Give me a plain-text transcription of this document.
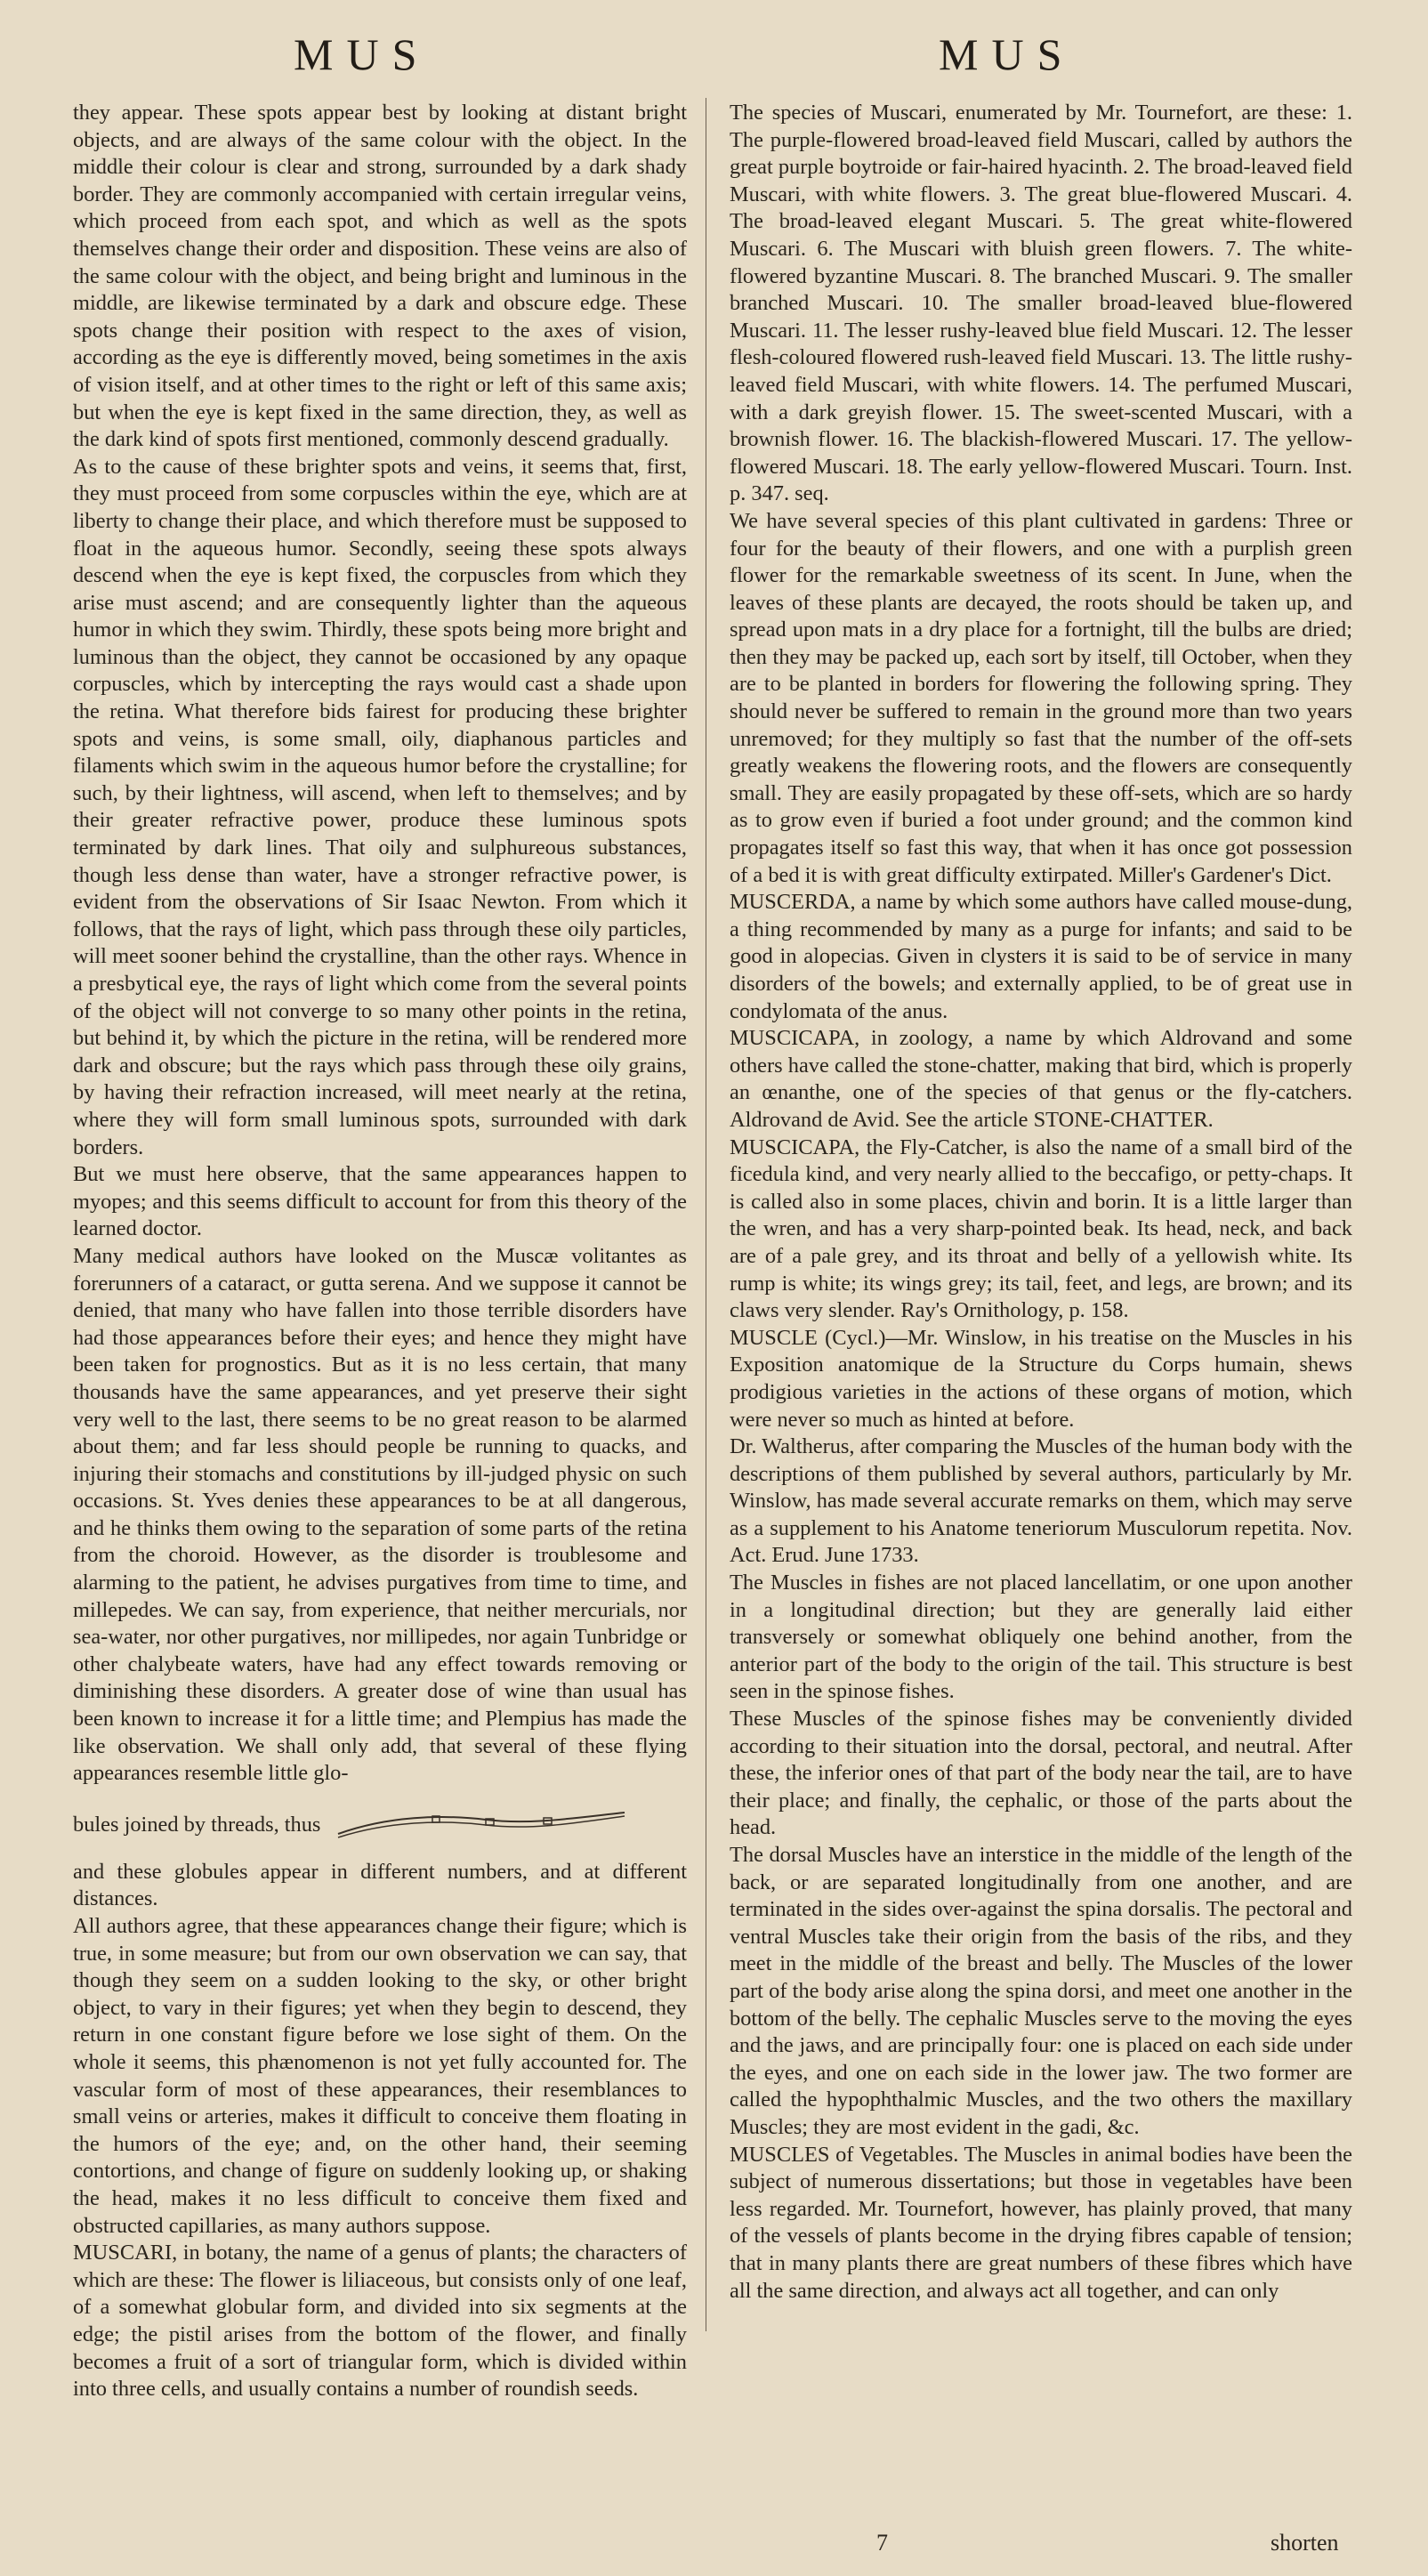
MUS	MUS

they appear. These spots appear best by looking at distant bright objects, and are always of the same colour with the object. In the middle their colour is clear and strong, surrounded by a dark shady border. They are commonly accompanied with certain irregular veins, which proceed from each spot, and which as well as the spots themselves change their order and disposition. These veins are also of the same colour with the object, and being bright and luminous in the middle, are likewise terminated by a dark and obscure edge. These spots change their position with respect to the axes of vision, according as the eye is differently moved, being sometimes in the axis of vision itself, and at other times to the right or left of this same axis; but when the eye is kept fixed in the same direction, they, as well as the dark kind of spots first mentioned, commonly descend gradually.

As to the cause of these brighter spots and veins, it seems that, first, they must proceed from some corpuscles within the eye, which are at liberty to change their place, and which therefore must be supposed to float in the aqueous humor. Secondly, seeing these spots always descend when the eye is kept fixed, the corpuscles from which they arise must ascend; and are consequently lighter than the aqueous humor in which they swim. Thirdly, these spots being more bright and luminous than the object, they cannot be occasioned by any opaque corpuscles, which by intercepting the rays would cast a shade upon the retina. What therefore bids fairest for producing these brighter spots and veins, is some small, oily, diaphanous particles and filaments which swim in the aqueous humor before the crystalline; for such, by their lightness, will ascend, when left to themselves; and by their greater refractive power, produce these luminous spots terminated by dark lines. That oily and sulphureous substances, though less dense than water, have a stronger refractive power, is evident from the observations of Sir Isaac Newton. From which it follows, that the rays of light, which pass through these oily particles, will meet sooner behind the crystalline, than the other rays. Whence in a presbytical eye, the rays of light which come from the several points of the object will not converge to so many other points in the retina, but behind it, by which the picture in the retina, will be rendered more dark and obscure; but the rays which pass through these oily grains, by having their refraction increased, will meet nearly at the retina, where they will form small luminous spots, surrounded with dark borders.

But we must here observe, that the same appearances happen to myopes; and this seems difficult to account for from this theory of the learned doctor.

Many medical authors have looked on the Muscæ volitantes as forerunners of a cataract, or gutta serena. And we suppose it cannot be denied, that many who have fallen into those terrible disorders have had those appearances before their eyes; and hence they might have been taken for prognostics. But as it is no less certain, that many thousands have the same appearances, and yet preserve their sight very well to the last, there seems to be no great reason to be alarmed about them; and far less should people be running to quacks, and injuring their stomachs and constitutions by ill-judged physic on such occasions. St. Yves denies these appearances to be at all dangerous, and he thinks them owing to the separation of some parts of the retina from the choroid. However, as the disorder is troublesome and alarming to the patient, he advises purgatives from time to time, and millepedes. We can say, from experience, that neither mercurials, nor sea-water, nor other purgatives, nor millipedes, nor again Tunbridge or other chalybeate waters, have had any effect towards removing or diminishing these disorders. A greater dose of wine than usual has been known to increase it for a little time; and Plempius has made the like observation. We shall only add, that several of these flying appearances resemble little glo-

bules joined by threads, thus

and these globules appear in different numbers, and at different distances.

All authors agree, that these appearances change their figure; which is true, in some measure; but from our own observation we can say, that though they seem on a sudden looking to the sky, or other bright object, to vary in their figures; yet when they begin to descend, they return in one constant figure before we lose sight of them. On the whole it seems, this phænomenon is not yet fully accounted for. The vascular form of most of these appearances, their resemblances to small veins or arteries, makes it difficult to conceive them floating in the humors of the eye; and, on the other hand, their seeming contortions, and change of figure on suddenly looking up, or shaking the head, makes it no less difficult to conceive them fixed and obstructed capillaries, as many authors suppose.

MUSCARI, in botany, the name of a genus of plants; the characters of which are these: The flower is liliaceous, but consists only of one leaf, of a somewhat globular form, and divided into six segments at the edge; the pistil arises from the bottom of the flower, and finally becomes a fruit of a sort of triangular form, which is divided within into three cells, and usually contains a number of roundish seeds.

The species of Muscari, enumerated by Mr. Tournefort, are these: 1. The purple-flowered broad-leaved field Muscari, called by authors the great purple boytroide or fair-haired hyacinth. 2. The broad-leaved field Muscari, with white flowers. 3. The great blue-flowered Muscari. 4. The broad-leaved elegant Muscari. 5. The great white-flowered Muscari. 6. The Muscari with bluish green flowers. 7. The white-flowered byzantine Muscari. 8. The branched Muscari. 9. The smaller branched Muscari. 10. The smaller broad-leaved blue-flowered Muscari. 11. The lesser rushy-leaved blue field Muscari. 12. The lesser flesh-coloured flowered rush-leaved field Muscari. 13. The little rushy-leaved field Muscari, with white flowers. 14. The perfumed Muscari, with a dark greyish flower. 15. The sweet-scented Muscari, with a brownish flower. 16. The blackish-flowered Muscari. 17. The yellow-flowered Muscari. 18. The early yellow-flowered Muscari. Tourn. Inst. p. 347. seq.

We have several species of this plant cultivated in gardens: Three or four for the beauty of their flowers, and one with a purplish green flower for the remarkable sweetness of its scent. In June, when the leaves of these plants are decayed, the roots should be taken up, and spread upon mats in a dry place for a fortnight, till the bulbs are dried; then they may be packed up, each sort by itself, till October, when they are to be planted in borders for flowering the following spring. They should never be suffered to remain in the ground more than two years unremoved; for they multiply so fast that the number of the off-sets greatly weakens the flowering roots, and the flowers are consequently small. They are easily propagated by these off-sets, which are so hardy as to grow even if buried a foot under ground; and the common kind propagates itself so fast this way, that when it has once got possession of a bed it is with great difficulty extirpated. Miller's Gardener's Dict.

MUSCERDA, a name by which some authors have called mouse-dung, a thing recommended by many as a purge for infants; and said to be good in alopecias. Given in clysters it is said to be of service in many disorders of the bowels; and externally applied, to be of great use in condylomata of the anus.

MUSCICAPA, in zoology, a name by which Aldrovand and some others have called the stone-chatter, making that bird, which is properly an œnanthe, one of the species of that genus or the fly-catchers. Aldrovand de Avid. See the article STONE-CHATTER.

MUSCICAPA, the Fly-Catcher, is also the name of a small bird of the ficedula kind, and very nearly allied to the beccafigo, or petty-chaps. It is called also in some places, chivin and borin. It is a little larger than the wren, and has a very sharp-pointed beak. Its head, neck, and back are of a pale grey, and its throat and belly of a yellowish white. Its rump is white; its wings grey; its tail, feet, and legs, are brown; and its claws very slender. Ray's Ornithology, p. 158.

MUSCLE (Cycl.)—Mr. Winslow, in his treatise on the Muscles in his Exposition anatomique de la Structure du Corps humain, shews prodigious varieties in the actions of these organs of motion, which were never so much as hinted at before.

Dr. Waltherus, after comparing the Muscles of the human body with the descriptions of them published by several authors, particularly by Mr. Winslow, has made several accurate remarks on them, which may serve as a supplement to his Anatome teneriorum Musculorum repetita. Nov. Act. Erud. June 1733.

The Muscles in fishes are not placed lancellatim, or one upon another in a longitudinal direction; but they are generally laid either transversely or somewhat obliquely one behind another, from the anterior part of the body to the origin of the tail. This structure is best seen in the spinose fishes.

These Muscles of the spinose fishes may be conveniently divided according to their situation into the dorsal, pectoral, and neutral. After these, the inferior ones of that part of the body near the tail, are to have their place; and finally, the cephalic, or those of the parts about the head.

The dorsal Muscles have an interstice in the middle of the length of the back, or are separated longitudinally from one another, and are terminated in the sides over-against the spina dorsalis. The pectoral and ventral Muscles take their origin from the basis of the ribs, and they meet in the middle of the breast and belly. The Muscles of the lower part of the body arise along the spina dorsi, and meet one another in the bottom of the belly. The cephalic Muscles serve to the moving the eyes and the jaws, and are principally four: one is placed on each side under the eyes, and one on each side in the lower jaw. The two former are called the hypophthalmic Muscles, and the two others the maxillary Muscles; they are most evident in the gadi, &c.

MUSCLES of Vegetables. The Muscles in animal bodies have been the subject of numerous dissertations; but those in vegetables have been less regarded. Mr. Tournefort, however, has plainly proved, that many of the vessels of plants become in the drying fibres capable of tension; that in many plants there are great numbers of these fibres which have all the same direction, and always act all together, and can only

7	shorten
